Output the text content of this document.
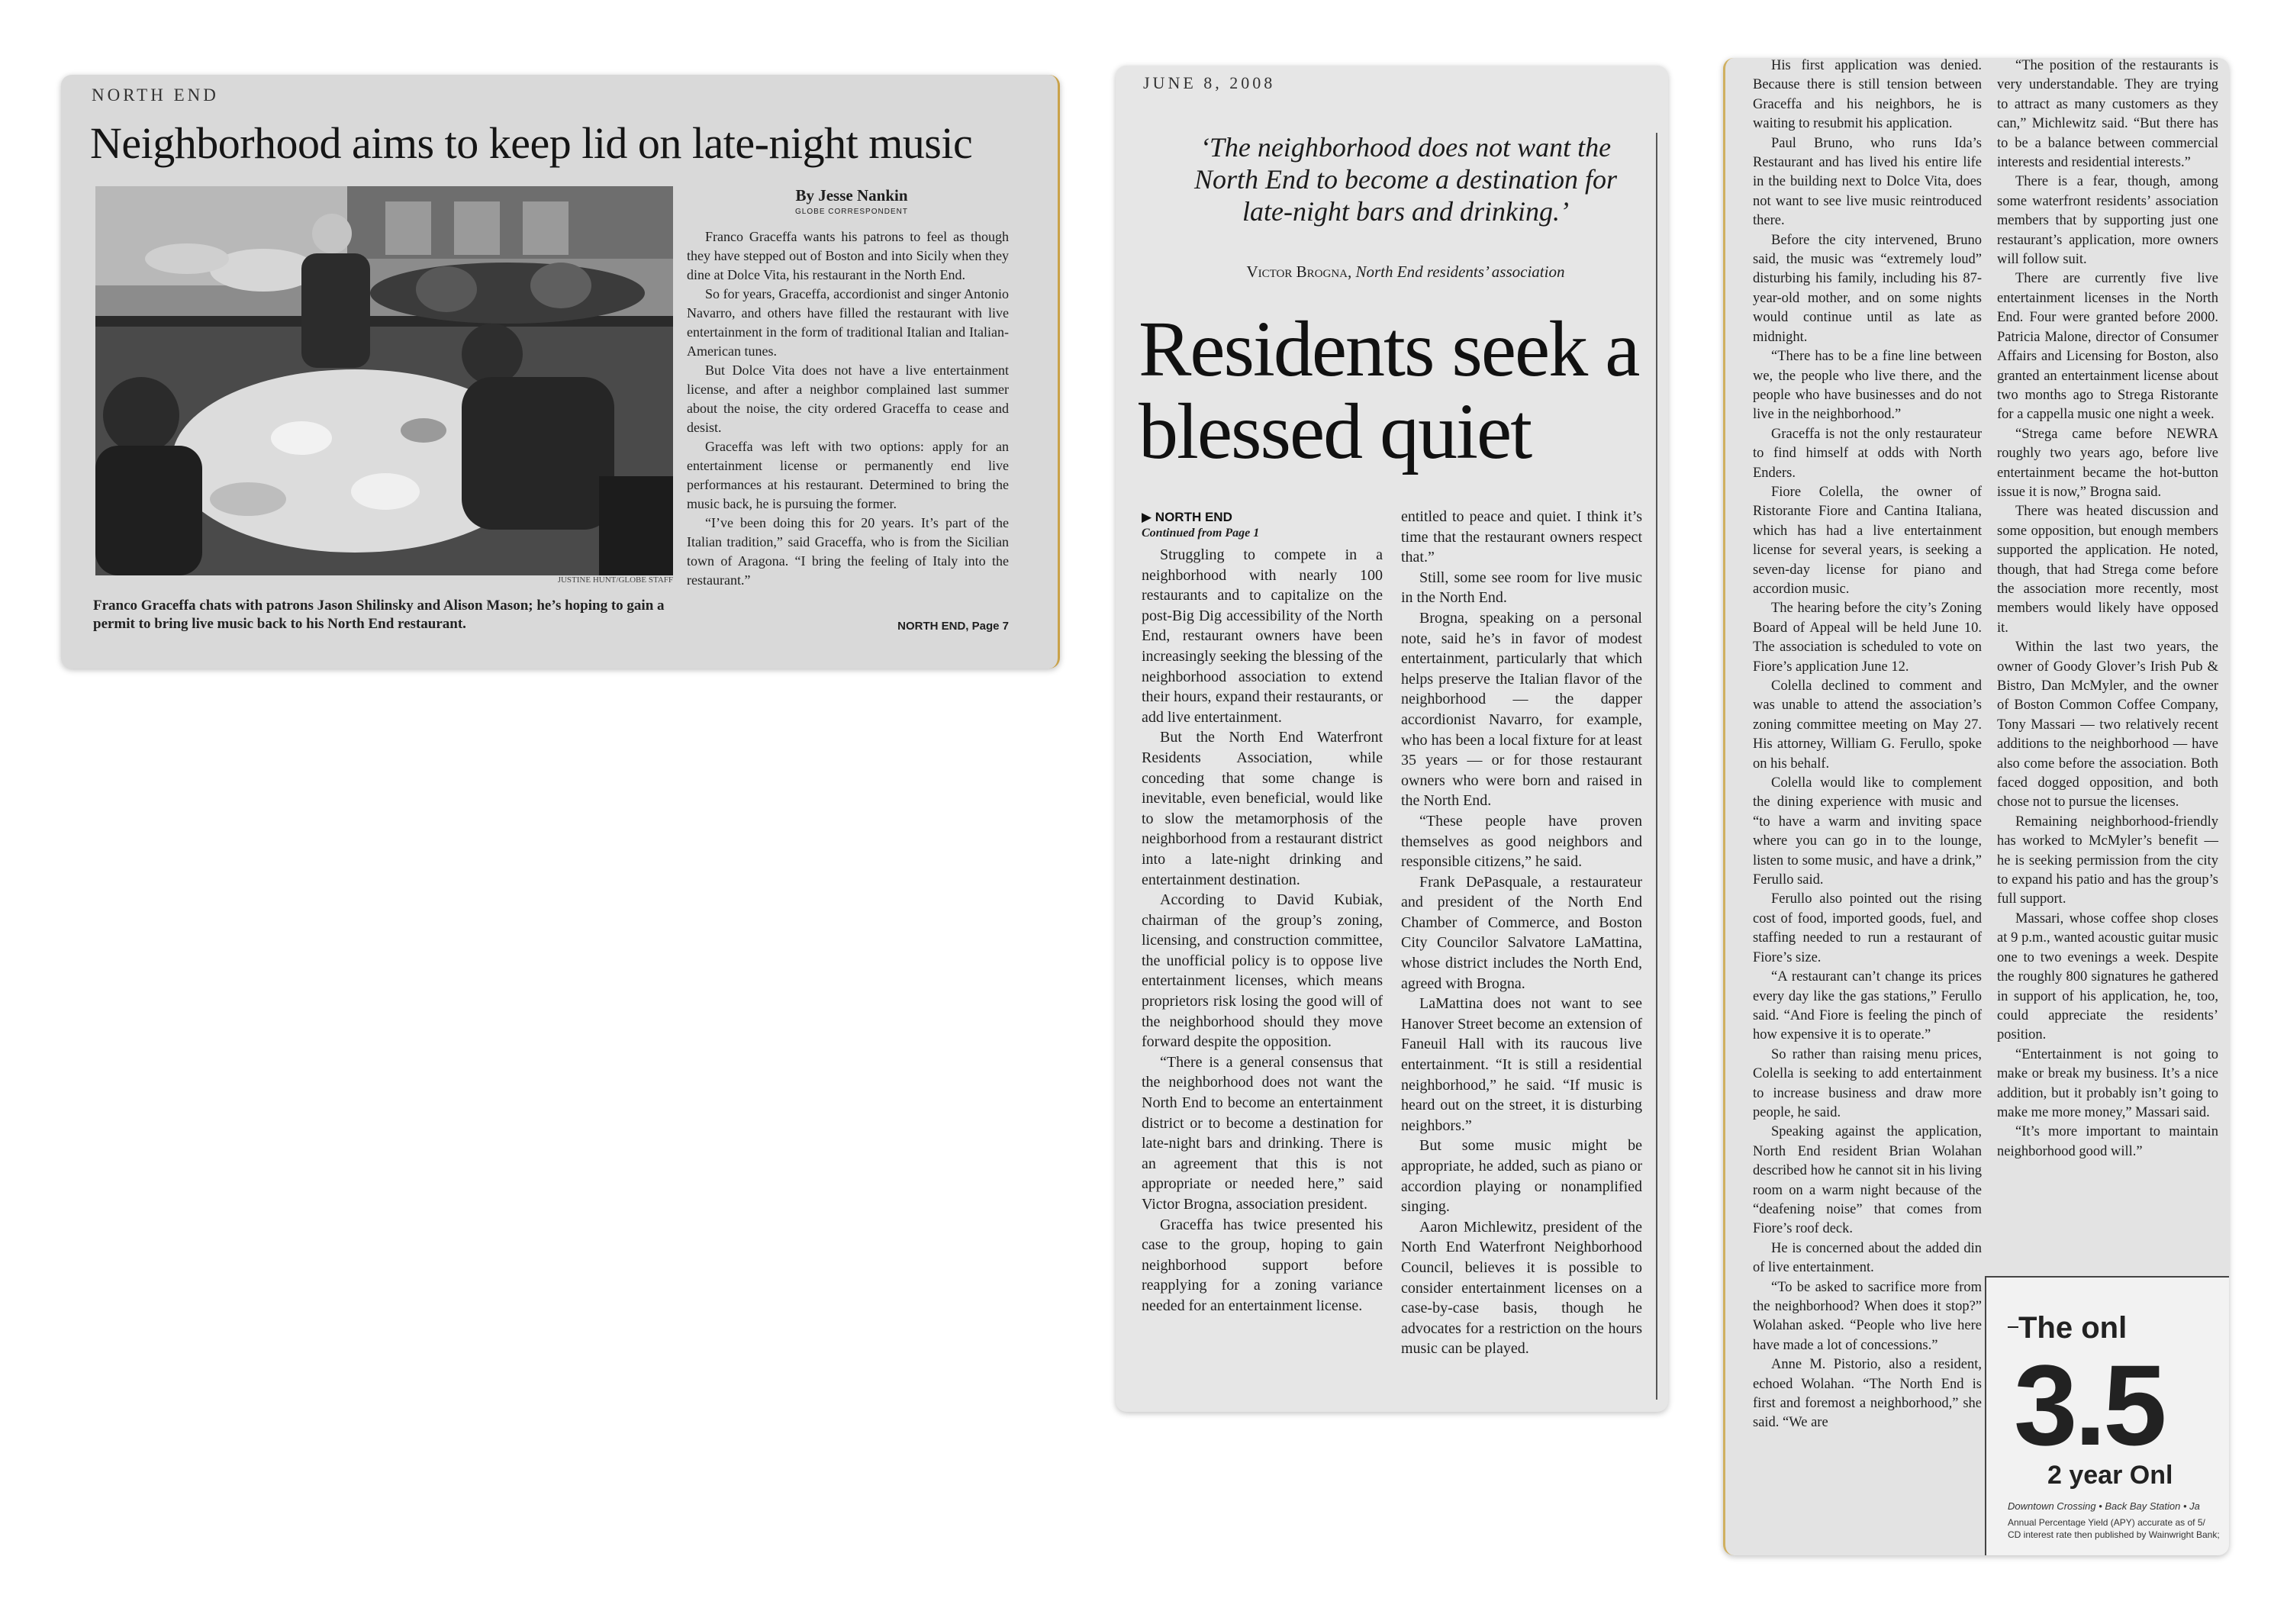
NORTH END
Neighborhood aims to keep lid on late-night music
JUSTINE HUNT/GLOBE STAFF

Franco Graceffa chats with patrons Jason Shilinsky and Alison Mason; he’s hoping to gain a permit to bring live music back to his North End restaurant.

By Jesse Nankin
GLOBE CORRESPONDENT

Franco Graceffa wants his patrons to feel as though they have stepped out of Boston and into Sicily when they dine at Dolce Vita, his restaurant in the North End.

So for years, Graceffa, accordionist and singer Antonio Navarro, and others have filled the restaurant with live entertainment in the form of traditional Italian and Italian-American tunes.

But Dolce Vita does not have a live entertainment license, and after a neighbor complained last summer about the noise, the city ordered Graceffa to cease and desist.

Graceffa was left with two options: apply for an entertainment license or permanently end live performances at his restaurant. Determined to bring the music back, he is pursuing the former.

“I’ve been doing this for 20 years. It’s part of the Italian tradition,” said Graceffa, who is from the Sicilian town of Aragona. “I bring the feeling of Italy into the restaurant.”

NORTH END, Page 7
JUNE 8, 2008

‘The neighborhood does not want the North End to become a destination for late-night bars and drinking.’

Victor Brogna, North End residents’ association
Residents seek a blessed quiet
▶ NORTH END
Continued from Page 1

Struggling to compete in a neighborhood with nearly 100 restaurants and to capitalize on the post-Big Dig accessibility of the North End, restaurant owners have been increasingly seeking the blessing of the neighborhood association to extend their hours, expand their restaurants, or add live entertainment.

But the North End Waterfront Residents Association, while conceding that some change is inevitable, even beneficial, would like to slow the metamorphosis of the neighborhood from a restaurant district into a late-night drinking and entertainment destination.

According to David Kubiak, chairman of the group’s zoning, licensing, and construction committee, the unofficial policy is to oppose live entertainment licenses, which means proprietors risk losing the good will of the neighborhood should they move forward despite the opposition.

“There is a general consensus that the neighborhood does not want the North End to become an entertainment district or to become a destination for late-night bars and drinking. There is an agreement that this is not appropriate or needed here,” said Victor Brogna, association president.

Graceffa has twice presented his case to the group, hoping to gain neighborhood support before reapplying for a zoning variance needed for an entertainment license.

entitled to peace and quiet. I think it’s time that the restaurant owners respect that.”

Still, some see room for live music in the North End.

Brogna, speaking on a personal note, said he’s in favor of modest entertainment, particularly that which helps preserve the Italian flavor of the neighborhood — the dapper accordionist Navarro, for example, who has been a local fixture for at least 35 years — or for those restaurant owners who were born and raised in the North End.

“These people have proven themselves as good neighbors and responsible citizens,” he said.

Frank DePasquale, a restaurateur and president of the North End Chamber of Commerce, and Boston City Councilor Salvatore LaMattina, whose district includes the North End, agreed with Brogna.

LaMattina does not want to see Hanover Street become an extension of Faneuil Hall with its raucous live entertainment. “It is still a residential neighborhood,” he said. “If music is heard out on the street, it is disturbing neighbors.”

But some music might be appropriate, he added, such as piano or accordion playing or nonamplified singing.

Aaron Michlewitz, president of the North End Waterfront Neighborhood Council, believes it is possible to consider entertainment licenses on a case-by-case basis, though he advocates for a restriction on the hours music can be played.

His first application was denied. Because there is still tension between Graceffa and his neighbors, he is waiting to resubmit his application.

Paul Bruno, who runs Ida’s Restaurant and has lived his entire life in the building next to Dolce Vita, does not want to see live music reintroduced there.

Before the city intervened, Bruno said, the music was “extremely loud” disturbing his family, including his 87-year-old mother, and on some nights would continue until as late as midnight.

“There has to be a fine line between we, the people who live there, and the people who have businesses and do not live in the neighborhood.”

Graceffa is not the only restaurateur to find himself at odds with North Enders.

Fiore Colella, the owner of Ristorante Fiore and Cantina Italiana, which has had a live entertainment license for several years, is seeking a seven-day license for piano and accordion music.

The hearing before the city’s Zoning Board of Appeal will be held June 10. The association is scheduled to vote on Fiore’s application June 12.

Colella declined to comment and was unable to attend the association’s zoning committee meeting on May 27. His attorney, William G. Ferullo, spoke on his behalf.

Colella would like to complement the dining experience with music and “to have a warm and inviting space where you can go in to the lounge, listen to some music, and have a drink,” Ferullo said.

Ferullo also pointed out the rising cost of food, imported goods, fuel, and staffing needed to run a restaurant of Fiore’s size.

“A restaurant can’t change its prices every day like the gas stations,” Ferullo said. “And Fiore is feeling the pinch of how expensive it is to operate.”

So rather than raising menu prices, Colella is seeking to add entertainment to increase business and draw more people, he said.

Speaking against the application, North End resident Brian Wolahan described how he cannot sit in his living room on a warm night because of the “deafening noise” that comes from Fiore’s roof deck.

He is concerned about the added din of live entertainment.

“To be asked to sacrifice more from the neighborhood? When does it stop?” Wolahan asked. “People who live here have made a lot of concessions.”

Anne M. Pistorio, also a resident, echoed Wolahan. “The North End is first and foremost a neighborhood,” she said. “We are

“The position of the restaurants is very understandable. They are trying to attract as many customers as they can,” Michlewitz said. “But there has to be a balance between commercial interests and residential interests.”

There is a fear, though, among some waterfront residents’ association members that by supporting just one restaurant’s application, more owners will follow suit.

There are currently five live entertainment licenses in the North End. Four were granted before 2000. Patricia Malone, director of Consumer Affairs and Licensing for Boston, also granted an entertainment license about two months ago to Strega Ristorante for a cappella music one night a week.

“Strega came before NEWRA roughly two years ago, before live entertainment became the hot-button issue it is now,” Brogna said.

There was heated discussion and some opposition, but enough members supported the application. He noted, though, that had Strega come before the association more recently, most members would likely have opposed it.

Within the last two years, the owner of Goody Glover’s Irish Pub & Bistro, Dan McMyler, and the owner of Boston Common Coffee Company, Tony Massari — two relatively recent additions to the neighborhood — have also come before the association. Both faced dogged opposition, and both chose not to pursue the licenses.

Remaining neighborhood-friendly has worked to McMyler’s benefit — he is seeking permission from the city to expand his patio and has the group’s full support.

Massari, whose coffee shop closes at 9 p.m., wanted acoustic guitar music one to two evenings a week. Despite the roughly 800 signatures he gathered in support of his application, he, too, could appreciate the residents’ position.

“Entertainment is not going to make or break my business. It’s a nice addition, but it probably isn’t going to make me more money,” Massari said.

“It’s more important to maintain neighborhood good will.”

The onl
3.5
2 year Onl
Downtown Crossing • Back Bay Station • Ja
Annual Percentage Yield (APY) accurate as of 5/
CD interest rate then published by Wainwright Bank;
